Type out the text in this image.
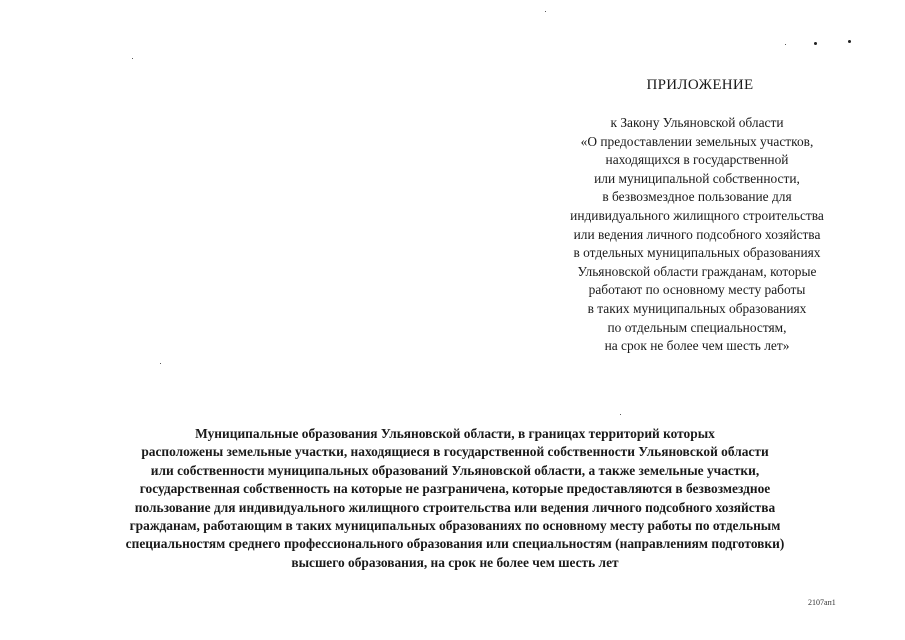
ПРИЛОЖЕНИЕ
к Закону Ульяновской области
«О предоставлении земельных участков,
находящихся в государственной
или муниципальной собственности,
в безвозмездное пользование для
индивидуального жилищного строительства
или ведения личного подсобного хозяйства
в отдельных муниципальных образованиях
Ульяновской области гражданам, которые
работают по основному месту работы
в таких муниципальных образованиях
по отдельным специальностям,
на срок не более чем шесть лет»
Муниципальные образования Ульяновской области, в границах территорий которых
расположены земельные участки, находящиеся в государственной собственности Ульяновской области
или собственности муниципальных образований Ульяновской области, а также земельные участки,
государственная собственность на которые не разграничена, которые предоставляются в безвозмездное
пользование для индивидуального жилищного строительства или ведения личного подсобного хозяйства
гражданам, работающим в таких муниципальных образованиях по основному месту работы по отдельным
специальностям среднего профессионального образования или специальностям (направлениям подготовки)
высшего образования, на срок не более чем шесть лет
2107ап1
